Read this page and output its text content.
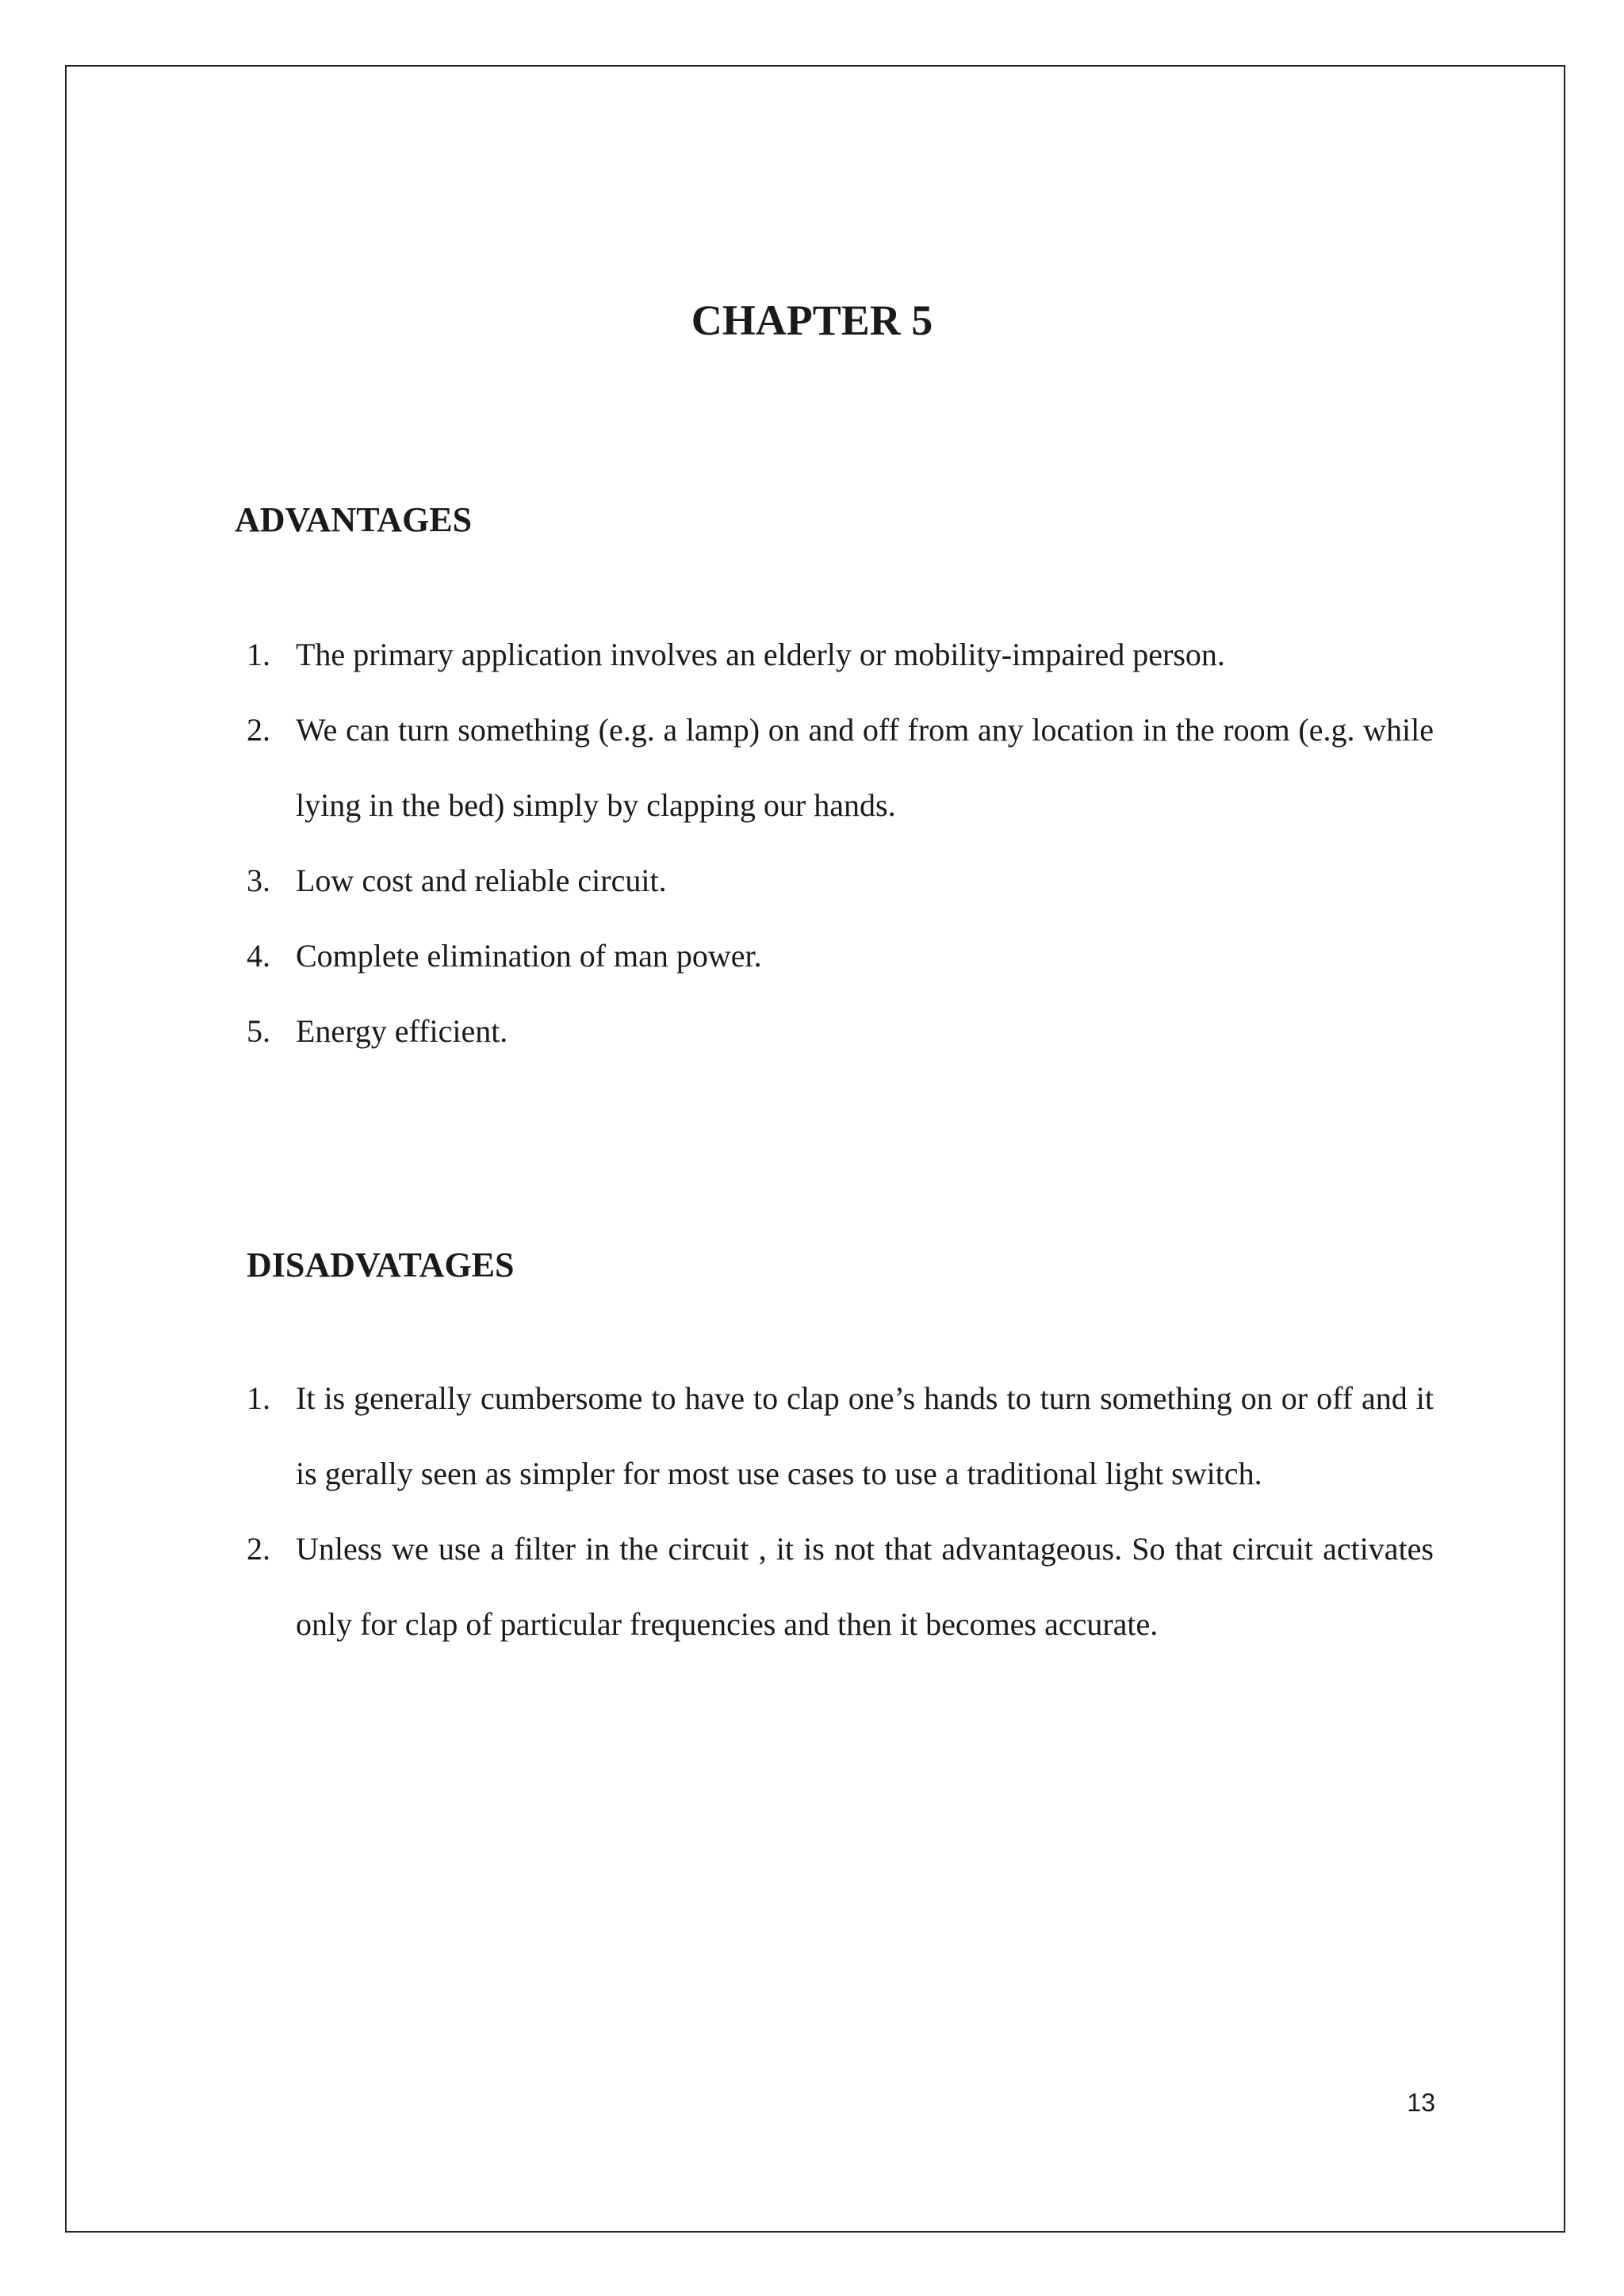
CHAPTER 5
ADVANTAGES
1. The primary application involves an elderly or mobility-impaired person.
2. We can turn something (e.g. a lamp) on and off from any location in the room (e.g. while lying in the bed) simply by clapping our hands.
3. Low cost and reliable circuit.
4. Complete elimination of man power.
5. Energy efficient.
DISADVATAGES
1. It is generally cumbersome to have to clap one’s hands to turn something on or off and it is gerally seen as simpler for most use cases to use a traditional light switch.
2. Unless we use a filter in the circuit , it is not that advantageous. So that circuit activates only for clap of particular frequencies and then it becomes accurate.

13
